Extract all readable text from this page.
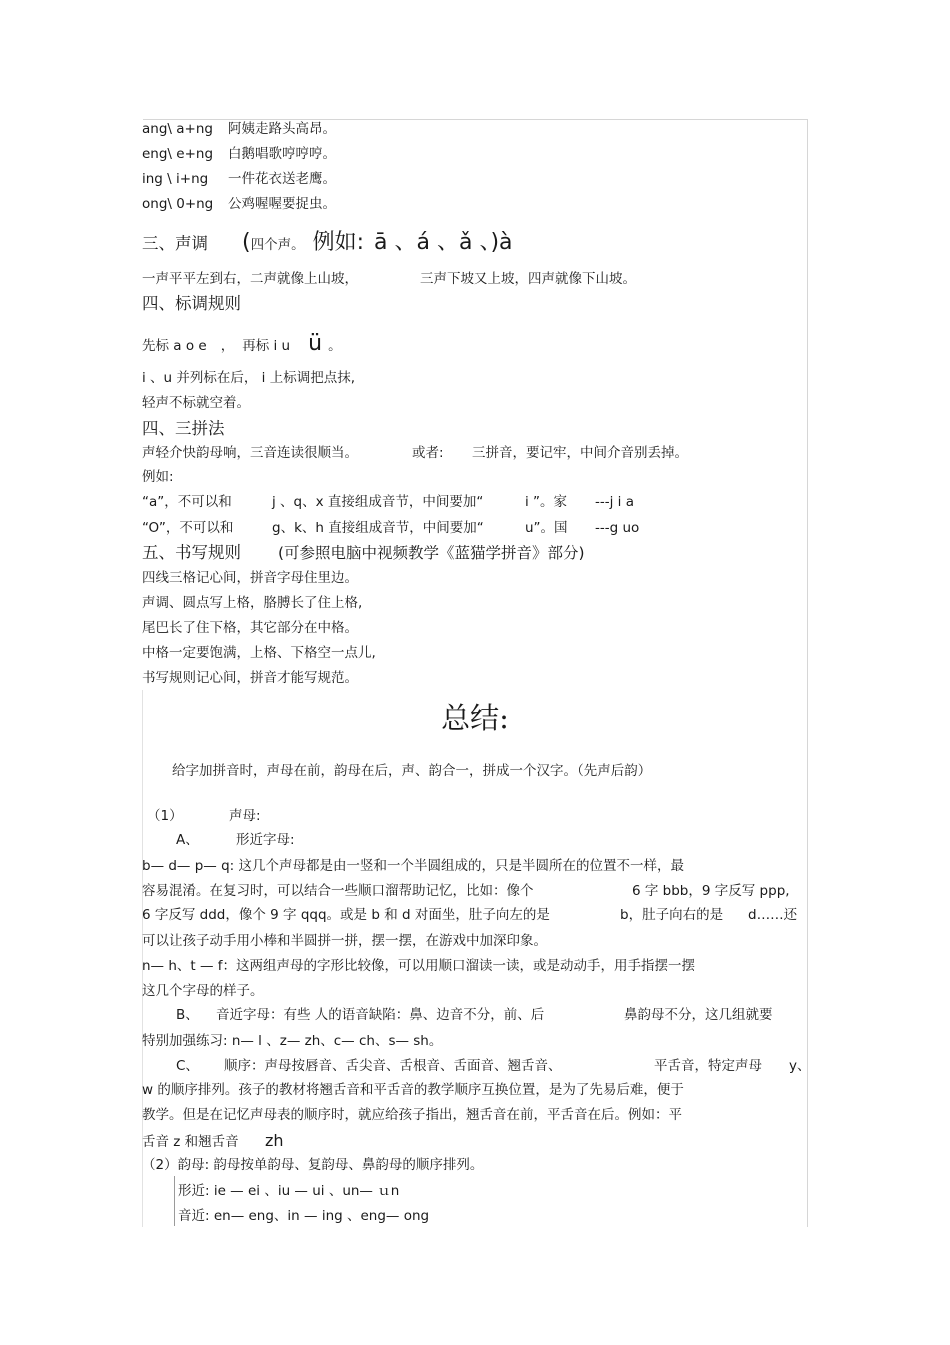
ang\ a+ng 阿姨走路头高昂。
eng\ e+ng 白鹅唱歌哼哼哼。
ing \ i+ng 一件花衣送老鹰。
ong\ 0+ng 公鸡喔喔要捉虫。
三、声调 (四个声。 例如: ā 、á 、ǎ 、)à
一声平平左到右，二声就像上山坡，	三声下坡又上坡，四声就像下山坡。
四、标调规则
先标 a o e ， 再标 i u ü 。
i 、u 并列标在后， i 上标调把点抹,
轻声不标就空着。
四、三拼法
声轻介快韵母响，三音连读很顺当。	或者: 三拼音，要记牢，中间介音别丢掉。
例如:
“a”，不可以和	j 、q、x 直接组成音节，中间要加“	i ”。家 ---j i a
“O”，不可以和	g、k、h 直接组成音节，中间要加“	u”。国 ---g uo
五、书写规则 (可参照电脑中视频教学《蓝猫学拼音》部分)
四线三格记心间，拼音字母住里边。
声调、圆点写上格，胳膊长了住上格,
尾巴长了住下格，其它部分在中格。
中格一定要饱满，上格、下格空一点儿,
书写规则记心间，拼音才能写规范。
总结:
给字加拼音时，声母在前，韵母在后，声、韵合一，拼成一个汉字。（先声后韵）
（1）	声母:
A、	形近字母:
b— d— p— q: 这几个声母都是由一竖和一个半圆组成的，只是半圆所在的位置不一样，最
容易混淆。在复习时，可以结合一些顺口溜帮助记忆，比如：像个	6 字 bbb，9 字反写 ppp,
6 字反写 ddd，像个 9 字 qqq。或是 b 和 d 对面坐，肚子向左的是	b，肚子向右的是 d……还
可以让孩子动手用小棒和半圆拼一拼，摆一摆，在游戏中加深印象。
n— h、t — f：这两组声母的字形比较像，可以用顺口溜读一读，或是动动手，用手指摆一摆
这几个字母的样子。
B、 音近字母：有些 人的语音缺陷：鼻、边音不分，前、后	鼻韵母不分，这几组就要
特别加强练习: n— l 、z— zh、c— ch、s— sh。
C、 顺序：声母按唇音、舌尖音、舌根音、舌面音、翘舌音、	平舌音，特定声母 y、
w 的顺序排列。孩子的教材将翘舌音和平舌音的教学顺序互换位置，是为了先易后难，便于
教学。但是在记忆声母表的顺序时，就应给孩子指出，翘舌音在前，平舌音在后。例如：平
舌音 z 和翘舌音 zh
（2）韵母: 韵母按单韵母、复韵母、鼻韵母的顺序排列。
形近: ie — ei 、iu — ui 、un— ｕn
音近: en— eng、in — ing 、eng— ong
